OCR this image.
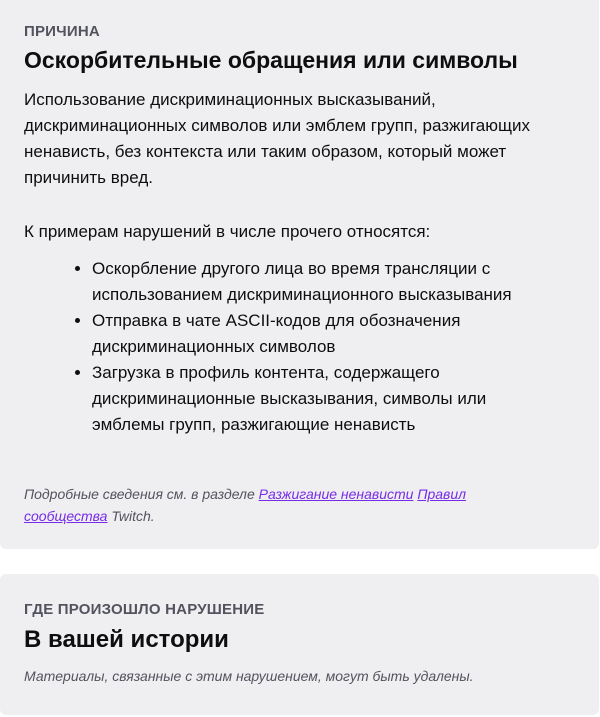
ПРИЧИНА
Оскорбительные обращения или символы
Использование дискриминационных высказываний, дискриминационных символов или эмблем групп, разжигающих ненависть, без контекста или таким образом, который может причинить вред.
К примерам нарушений в числе прочего относятся:
• Оскорбление другого лица во время трансляции с использованием дискриминационного высказывания
• Отправка в чате ASCII-кодов для обозначения дискриминационных символов
• Загрузка в профиль контента, содержащего дискриминационные высказывания, символы или эмблемы групп, разжигающие ненависть
Подробные сведения см. в разделе Разжигание ненависти Правил сообщества Twitch.
ГДЕ ПРОИЗОШЛО НАРУШЕНИЕ
В вашей истории
Материалы, связанные с этим нарушением, могут быть удалены.
